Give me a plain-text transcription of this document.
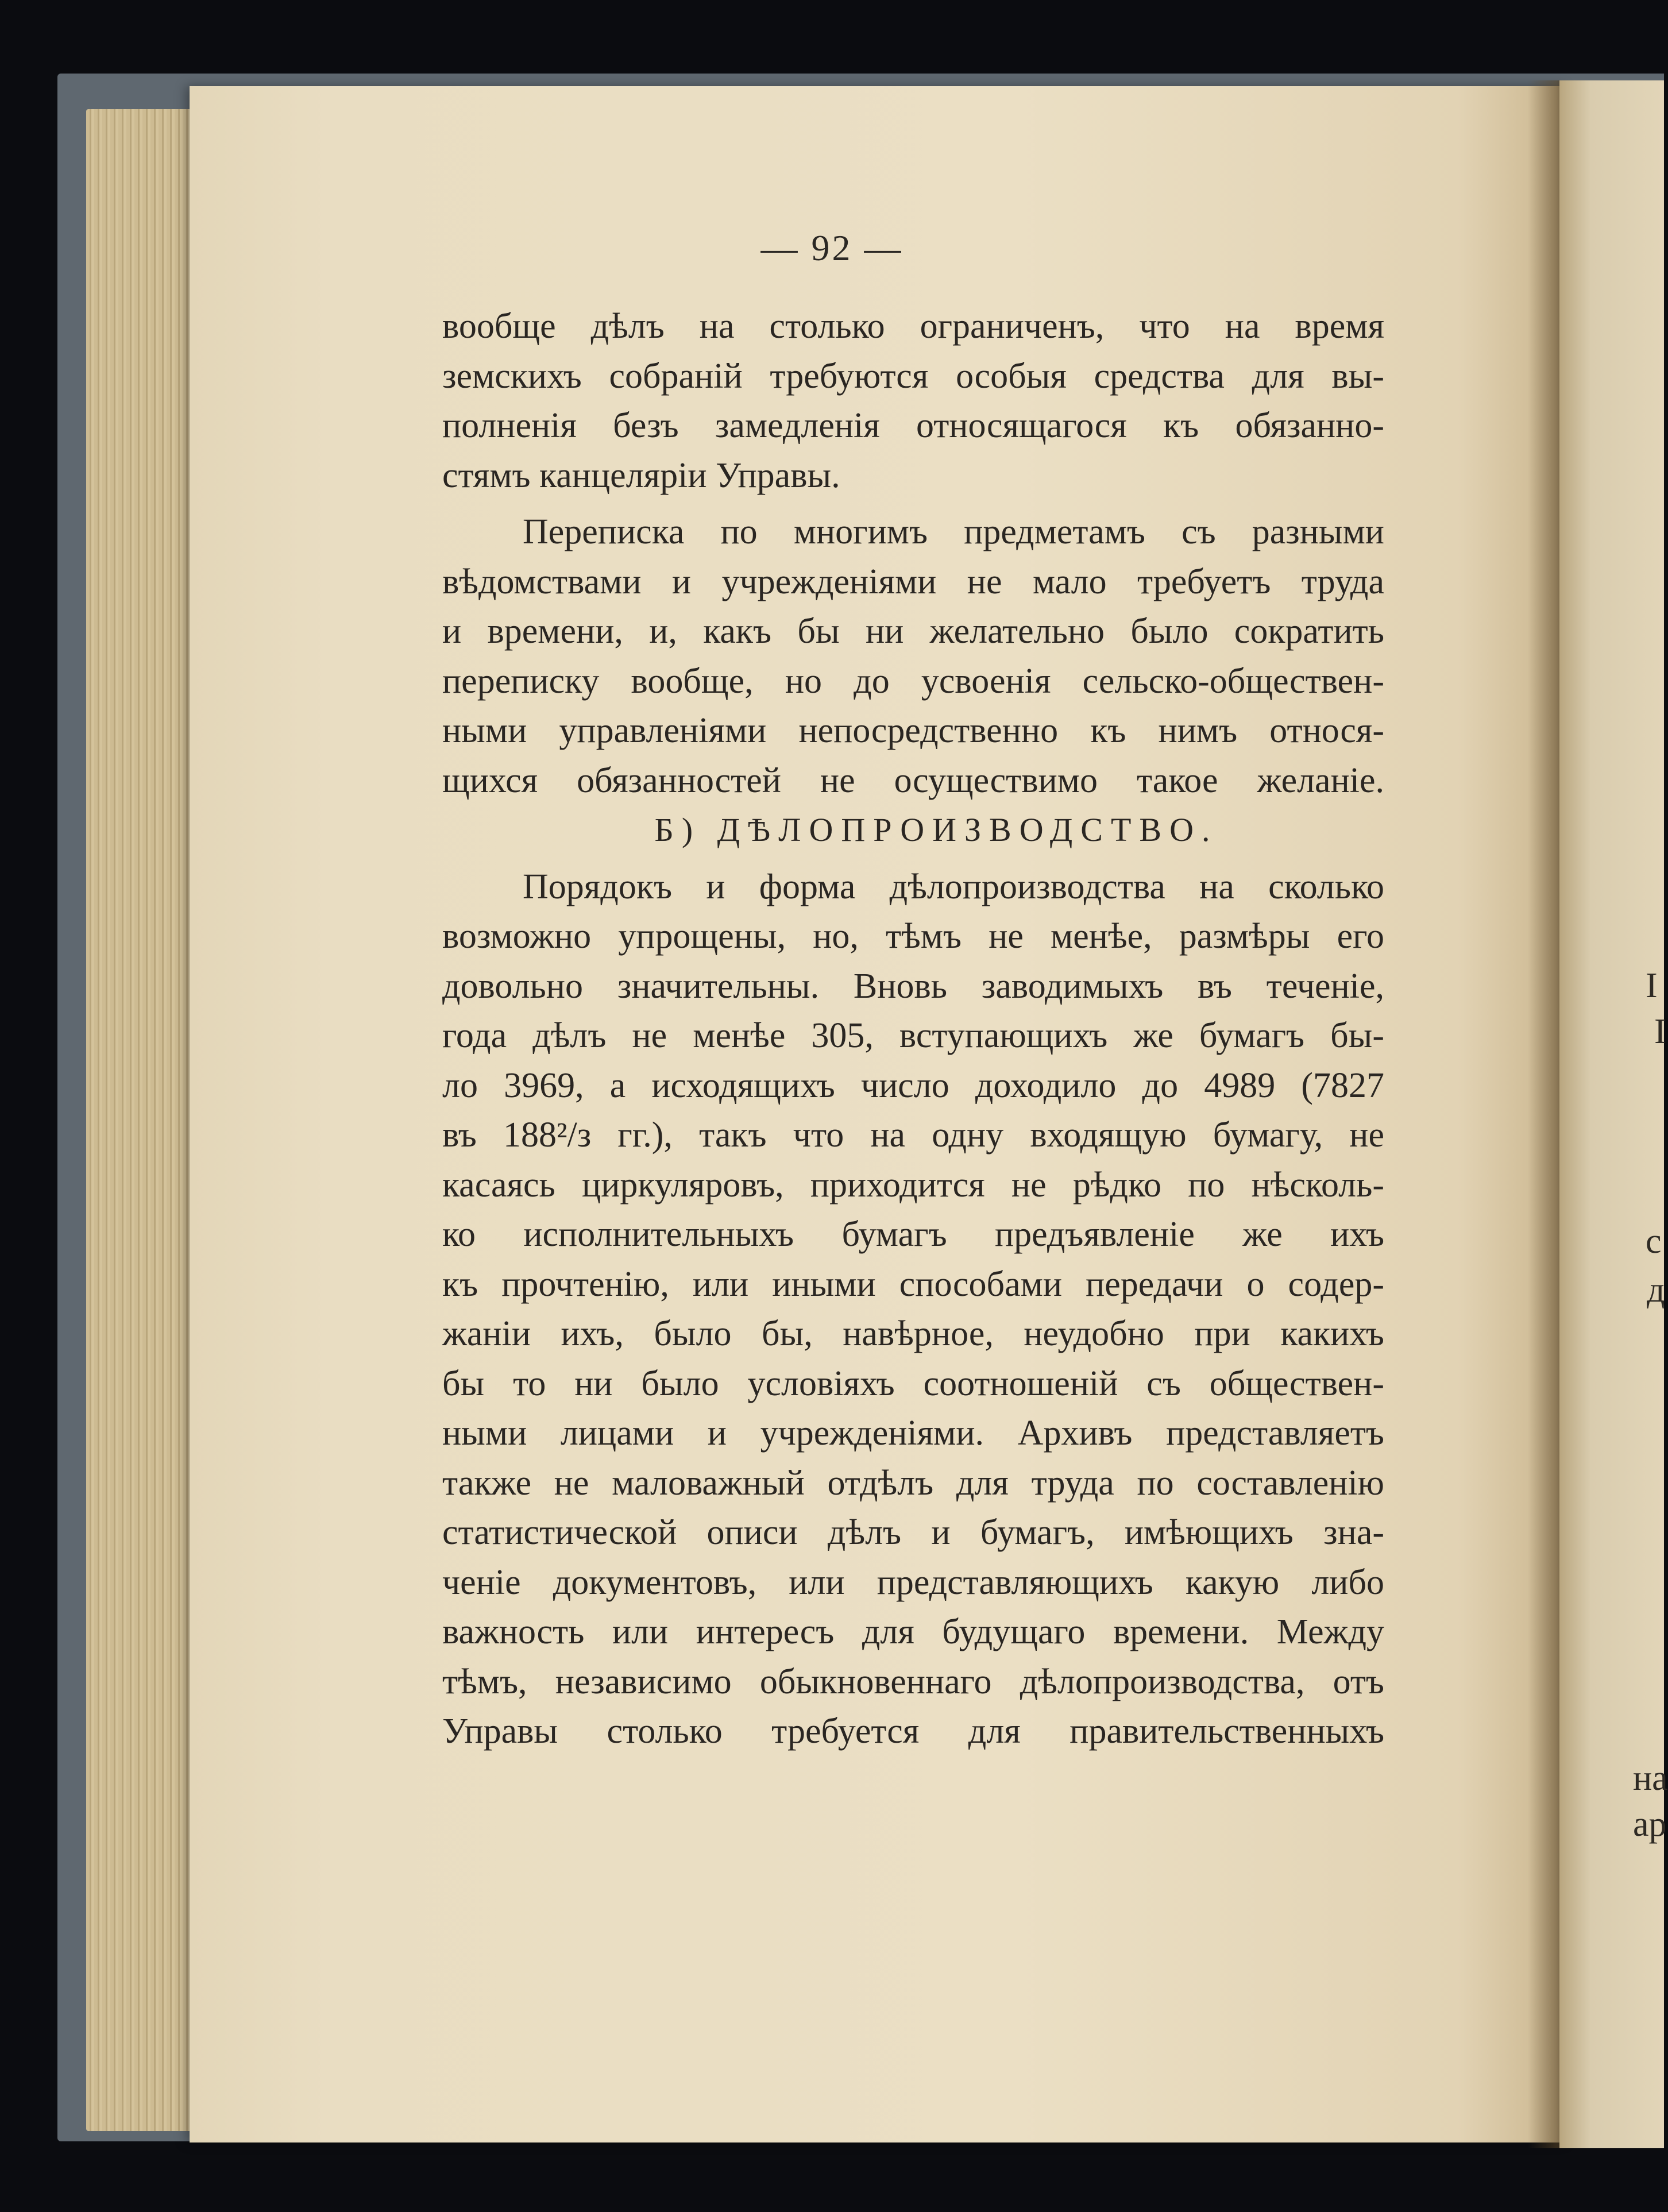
I
I
c
д
на
ap
— 92 —
вообще дѣлъ на столько ограниченъ, что на время
земскихъ собраній требуются особыя средства для вы-
полненія безъ замедленія относящагося къ обязанно-
стямъ канцеляріи Управы.
Переписка по многимъ предметамъ съ разными
вѣдомствами и учрежденіями не мало требуетъ труда
и времени, и, какъ бы ни желательно было сократить
переписку вообще, но до усвоенія сельско-обществен-
ными управленіями непосредственно къ нимъ относя-
щихся обязанностей не осуществимо такое желаніе.
Б) ДѢЛОПРОИЗВОДСТВО.
Порядокъ и форма дѣлопроизводства на сколько
возможно упрощены, но, тѣмъ не менѣе, размѣры его
довольно значительны. Вновь заводимыхъ въ теченіе,
года дѣлъ не менѣе 305, вступающихъ же бумагъ бы-
ло 3969, а исходящихъ число доходило до 4989 (7827
въ 188²/з гг.), такъ что на одну входящую бумагу, не
касаясь циркуляровъ, приходится не рѣдко по нѣсколь-
ко исполнительныхъ бумагъ предъявленіе же ихъ
къ прочтенію, или иными способами передачи о содер-
жаніи ихъ, было бы, навѣрное, неудобно при какихъ
бы то ни было условіяхъ соотношеній съ обществен-
ными лицами и учрежденіями. Архивъ представляетъ
также не маловажный отдѣлъ для труда по составленію
статистической описи дѣлъ и бумагъ, имѣющихъ зна-
ченіе документовъ, или представляющихъ какую либо
важность или интересъ для будущаго времени. Между
тѣмъ, независимо обыкновеннаго дѣлопроизводства, отъ
Управы столько требуется для правительственныхъ
